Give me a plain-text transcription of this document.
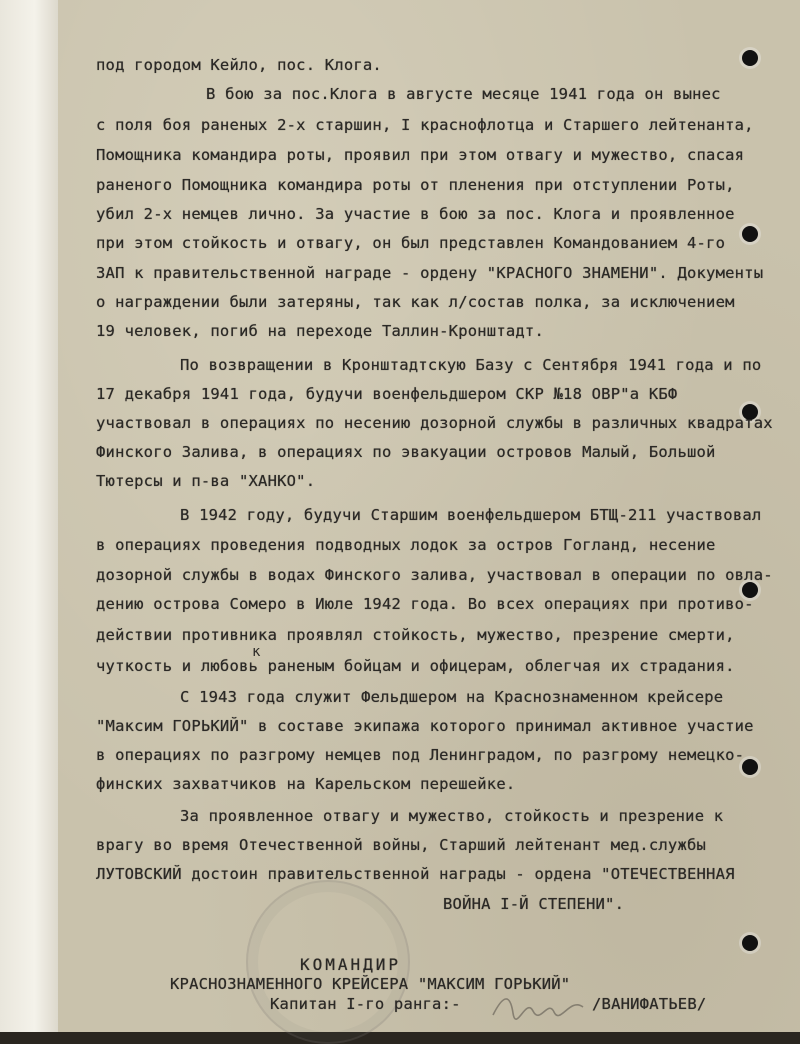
под городом Кейло, пос. Клога.
В бою за пос.Клога в августе месяце 1941 года он вынес
с поля боя раненых 2-х старшин, I краснофлотца и Старшего лейтенанта,
Помощника командира роты, проявил при этом отвагу и мужество, спасая
раненого Помощника командира роты от пленения при отступлении Роты,
убил 2-х немцев лично. За участие в бою за пос. Клога и проявленное
при этом стойкость и отвагу, он был представлен Командованием 4-го
ЗАП к правительственной награде - ордену "КРАСНОГО ЗНАМЕНИ". Документы
о награждении были затеряны, так как л/состав полка, за исключением
19 человек, погиб на переходе Таллин-Кронштадт.
По возвращении в Кронштадтскую Базу с Сентября 1941 года и по
17 декабря 1941 года, будучи военфельдшером СКР №18 ОВР"а КБФ
участвовал в операциях по несению дозорной службы в различных квадратах
Финского Залива, в операциях по эвакуации островов Малый, Большой
Тютерсы и п-ва "ХАНКО".
В 1942 году, будучи Старшим военфельдшером БТЩ-211 участвовал
в операциях проведения подводных лодок за остров Гогланд, несение
дозорной службы в водах Финского залива, участвовал в операции по овла-
дению острова Сомеро в Июле 1942 года. Во всех операциях при противо-
действии противника проявлял стойкость, мужество, презрение смерти,
к
чуткость и любовь раненым бойцам и офицерам, облегчая их страдания.
С 1943 года служит Фельдшером на Краснознаменном крейсере
"Максим ГОРЬКИЙ" в составе экипажа которого принимал активное участие
в операциях по разгрому немцев под Ленинградом, по разгрому немецко-
финских захватчиков на Карельском перешейке.
За проявленное отвагу и мужество, стойкость и презрение к
врагу во время Отечественной войны, Старший лейтенант мед.службы
ЛУТОВСКИЙ достоин правительственной награды - ордена "ОТЕЧЕСТВЕННАЯ
ВОЙНА I-Й СТЕПЕНИ".
КОМАНДИР
КРАСНОЗНАМЕННОГО КРЕЙСЕРА "МАКСИМ ГОРЬКИЙ"
Капитан I-го ранга:-	/ВАНИФАТЬЕВ/
